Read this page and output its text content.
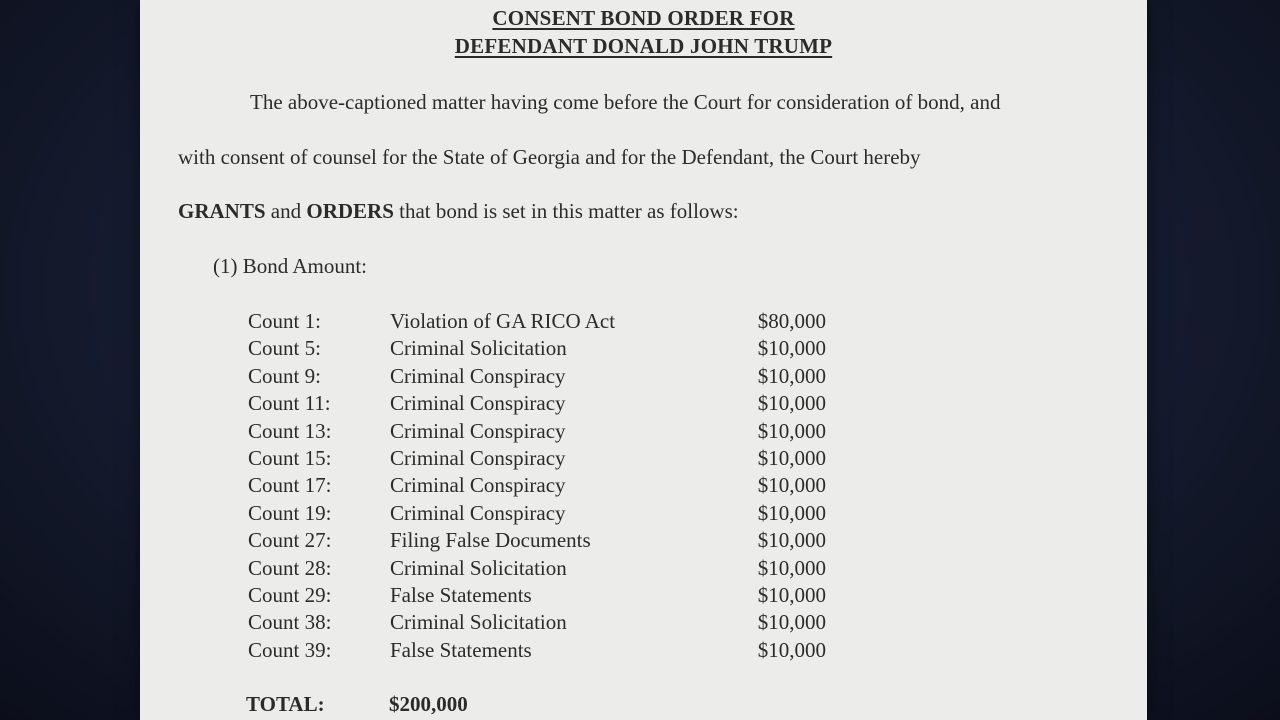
CONSENT BOND ORDER FOR
DEFENDANT DONALD JOHN TRUMP
The above-captioned matter having come before the Court for consideration of bond, and
with consent of counsel for the State of Georgia and for the Defendant, the Court hereby
GRANTS and ORDERS that bond is set in this matter as follows:
(1) Bond Amount:
Count 1:	Violation of GA RICO Act	$80,000
Count 5:	Criminal Solicitation	$10,000
Count 9:	Criminal Conspiracy	$10,000
Count 11:	Criminal Conspiracy	$10,000
Count 13:	Criminal Conspiracy	$10,000
Count 15:	Criminal Conspiracy	$10,000
Count 17:	Criminal Conspiracy	$10,000
Count 19:	Criminal Conspiracy	$10,000
Count 27:	Filing False Documents	$10,000
Count 28:	Criminal Solicitation	$10,000
Count 29:	False Statements	$10,000
Count 38:	Criminal Solicitation	$10,000
Count 39:	False Statements	$10,000
TOTAL:	$200,000
